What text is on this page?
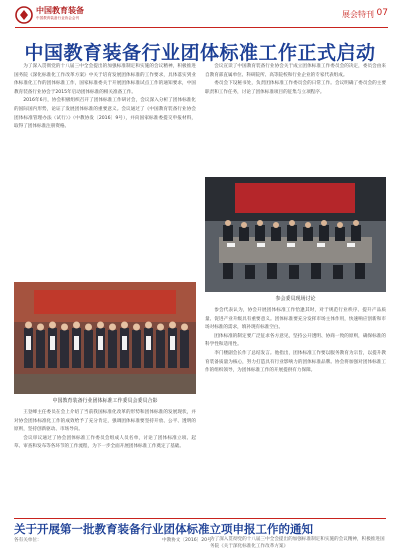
中国教育装备
中国教育装备行业协会会刊	展会特刊 07
中国教育装备行业团体标准工作正式启动

为了深入贯彻党的十八届三中全会提出的加强标准制定和实施的会议精神，积极推进国务院《深化标准化工作改革方案》中关于培育发展团体标准的工作要求，具体落实到业体标准化工作的团体标准工作，国家标准委关于开展团体标准试点工作的通知要求，中国教育装备行业协会于2015年启动团体标准的相关准备工作。

2016年6月，协会积极组织召开了团体标准工作研讨会，会议深入分析了团体标准化的国际国内形势，论证了发展团体标准的重要意义。会议通过了《中国教育装备行业协会团体标准管理办法（试行）》（中教协发〔2016〕9号），并向国家标准委提交申报材料，取得了团体标准注册资格。

中国教育装备行业团体标准工作委员会委员合影

王登峰主任委员在会上介绍了当前我国标准化改革的形势和团体标准的发展现状，并对协会团体标准化工作的成效给予了充分肯定，强调团体标准要坚持开放、公平、透明的原则，坚持创新驱动、市场导向。

会议审议通过了协会团体标准工作委员会组成人员名单，讨论了团体标准立项、起草、审查和发布等各环节的工作流程，为下一步全面开展团体标准工作奠定了基础。

会议宣读了中国教育装备行业协会关于成立团体标准工作委员会的决定，委员会由来自教育部直属单位、科研院所、高等院校和行业企业的专家代表组成。

委员会下设秘书处，负责团体标准工作委员会的日常工作。会议明确了委员会的主要职责和工作任务，讨论了团体标准项目的征集与立项程序。

参会委员现场讨论

参会代表认为，协会开展团体标准工作恰逢其时，对于规范行业秩序、提升产品质量、促进产业升级具有重要意义。团体标准要充分发挥市场主体作用，快速响应创新和市场对标准的需求，填补现有标准空白。

团体标准的制定要广泛征求各方意见，坚持公开透明、协商一致的原则，确保标准的科学性和适用性。

李门楼副会长作了总结发言。他指出，团体标准工作要以服务教育为宗旨，以提升教育装备质量为核心，努力打造具有行业影响力的团体标准品牌。协会将加强对团体标准工作的组织领导，为团体标准工作的开展提供有力保障。

关于开展第一批教育装备行业团体标准立项申报工作的通知
各有关单位：	中教协文〔2016〕20号
为了深入贯彻党的十八届三中全会提出的加强标准制定和实施的会议精神，积极推进国务院《关于深化标准化工作改革方案》
